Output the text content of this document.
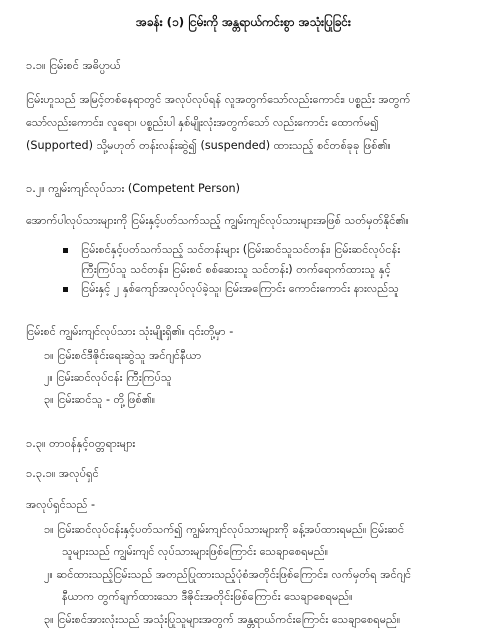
အခန်း (၁) ငြမ်းကို အန္တရာယ်ကင်းစွာ အသုံးပြုခြင်း
၁.၁။ ငြမ်းစင် အဓိပ္ပာယ်
ငြမ်းဟူသည် အမြင့်တစ်နေရာတွင် အလုပ်လုပ်ရန် လူအတွက်သော်လည်းကောင်း၊ ပစ္စည်း အတွက်
သော်လည်းကောင်း၊ လူရော၊ ပစ္စည်းပါ နှစ်မျိုးလုံးအတွက်သော် လည်းကောင်း ထောက်မ၍
(Supported) သို့မဟုတ် တန်းလန်းဆွဲ၍ (suspended) ထားသည့် စင်တစ်ခုခု ဖြစ်၏။
၁.၂။ ကျွမ်းကျင်လုပ်သား (Competent Person)
အောက်ပါလုပ်သားများကို ငြမ်းနှင့်ပတ်သက်သည့် ကျွမ်းကျင်လုပ်သားများအဖြစ် သတ်မှတ်နိုင်၏။
ငြမ်းစင်နှင့်ပတ်သက်သည့် သင်တန်းများ (ငြမ်းဆင်သူသင်တန်း၊ ငြမ်းဆင်လုပ်ငန်း
ကြီးကြပ်သူ သင်တန်း၊ ငြမ်းစင် စစ်ဆေးသူ သင်တန်း) တက်ရောက်ထားသူ နှင့်
ငြမ်းနှင့် ၂ နှစ်ကျော်အလုပ်လုပ်ခဲ့သူ၊ ငြမ်းအကြောင်း ကောင်းကောင်း နားလည်သူ
ငြမ်းစင် ကျွမ်းကျင်လုပ်သား သုံးမျိုးရှိ၏။ ၎င်းတို့မှာ -
၁။ ငြမ်းစင်ဒီဇိုင်းရေးဆွဲသူ အင်ဂျင်နီယာ
၂။ ငြမ်းဆင်လုပ်ငန်း ကြီးကြပ်သူ
၃။ ငြမ်းဆင်သူ - တို့ဖြစ်၏။
၁.၃။ တာဝန်နှင့်ဝတ္တရားများ
၁.၃.၁။ အလုပ်ရှင်
အလုပ်ရှင်သည် -
၁။ ငြမ်းဆင်လုပ်ငန်းနှင့်ပတ်သက်၍ ကျွမ်းကျင်လုပ်သားများကို ခန့်အပ်ထားရမည်။ ငြမ်းဆင်
သူများသည် ကျွမ်းကျင် လုပ်သားများဖြစ်ကြောင်း သေချာစေရမည်။
၂။ ဆင်ထားသည့်ငြမ်းသည် အတည်ပြုထားသည့်ပုံစံအတိုင်းဖြစ်ကြောင်း၊ လက်မှတ်ရ အင်ဂျင်
နီယာက တွက်ချက်ထားသော ဒီဇိုင်းအတိုင်းဖြစ်ကြောင်း သေချာစေရမည်။
၃။ ငြမ်းစင်အားလုံးသည် အသုံးပြုသူများအတွက် အန္တရာယ်ကင်းကြောင်း သေချာစေရမည်။
